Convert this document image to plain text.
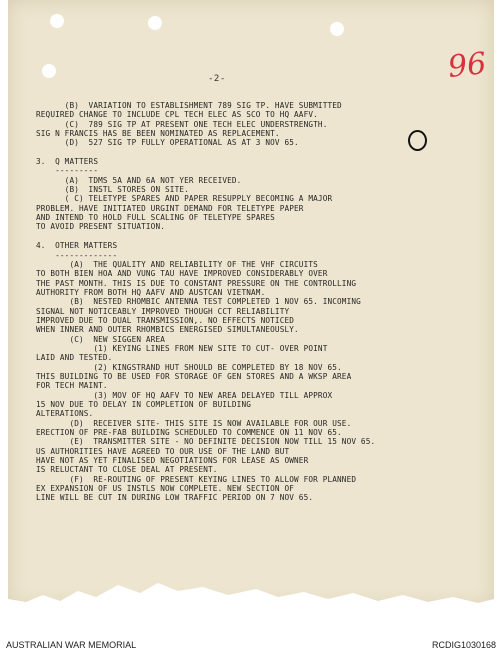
-2-	96
(B)  VARIATION TO ESTABLISHMENT 789 SIG TP. HAVE SUBMITTED
REQUIRED CHANGE TO INCLUDE CPL TECH ELEC AS SCO TO HQ AAFV.
(C)  789 SIG TP AT PRESENT ONE TECH ELEC UNDERSTRENGTH.
SIG N FRANCIS HAS BE BEEN NOMINATED AS REPLACEMENT.
(D)  527 SIG TP FULLY OPERATIONAL AS AT 3 NOV 65.
3.  Q MATTERS
---------
(A)  TDMS 5A AND 6A NOT YER RECEIVED.
(B)  INSTL STORES ON SITE.
( C) TELETYPE SPARES AND PAPER RESUPPLY BECOMING A MAJOR
PROBLEM. HAVE INITIATED URGINT DEMAND FOR TELETYPE PAPER
AND INTEND TO HOLD FULL SCALING OF TELETYPE SPARES
TO AVOID PRESENT SITUATION.
4.  OTHER MATTERS
-------------
(A)  THE QUALITY AND RELIABILITY OF THE VHF CIRCUITS
TO BOTH BIEN HOA AND VUNG TAU HAVE IMPROVED CONSIDERABLY OVER
THE PAST MONTH. THIS IS DUE TO CONSTANT PRESSURE ON THE CONTROLLING
AUTHORITY FROM BOTH HQ AAFV AND AUSTCAN VIETNAM.
(B)  NESTED RHOMBIC ANTENNA TEST COMPLETED 1 NOV 65. INCOMING
SIGNAL NOT NOTICEABLY IMPROVED THOUGH CCT RELIABILITY
IMPROVED DUE TO DUAL TRANSMISSION,. NO EFFECTS NOTICED
WHEN INNER AND OUTER RHOMBICS ENERGISED SIMULTANEOUSLY.
(C)  NEW SIGGEN AREA
(1) KEYING LINES FROM NEW SITE TO CUT- OVER POINT
LAID AND TESTED.
(2) KINGSTRAND HUT SHOULD BE COMPLETED BY 18 NOV 65.
THIS BUILDING TO BE USED FOR STORAGE OF GEN STORES AND A WKSP AREA
FOR TECH MAINT.
(3) MOV OF HQ AAFV TO NEW AREA DELAYED TILL APPROX
15 NOV DUE TO DELAY IN COMPLETION OF BUILDING
ALTERATIONS.
(D)  RECEIVER SITE- THIS SITE IS NOW AVAILABLE FOR OUR USE.
ERECTION OF PRE-FAB BUILDING SCHEDULED TO COMMENCE ON 11 NOV 65.
(E)  TRANSMITTER SITE - NO DEFINITE DECISION NOW TILL 15 NOV 65.
US AUTHORITIES HAVE AGREED TO OUR USE OF THE LAND BUT
HAVE NOT AS YET FINALISED NEGOTIATIONS FOR LEASE AS OWNER
IS RELUCTANT TO CLOSE DEAL AT PRESENT.
(F)  RE-ROUTING OF PRESENT KEYING LINES TO ALLOW FOR PLANNED
EX EXPANSION OF US INSTLS NOW COMPLETE. NEW SECTION OF
LINE WILL BE CUT IN DURING LOW TRAFFIC PERIOD ON 7 NOV 65.
AUSTRALIAN WAR MEMORIAL	RCDIG1030168
